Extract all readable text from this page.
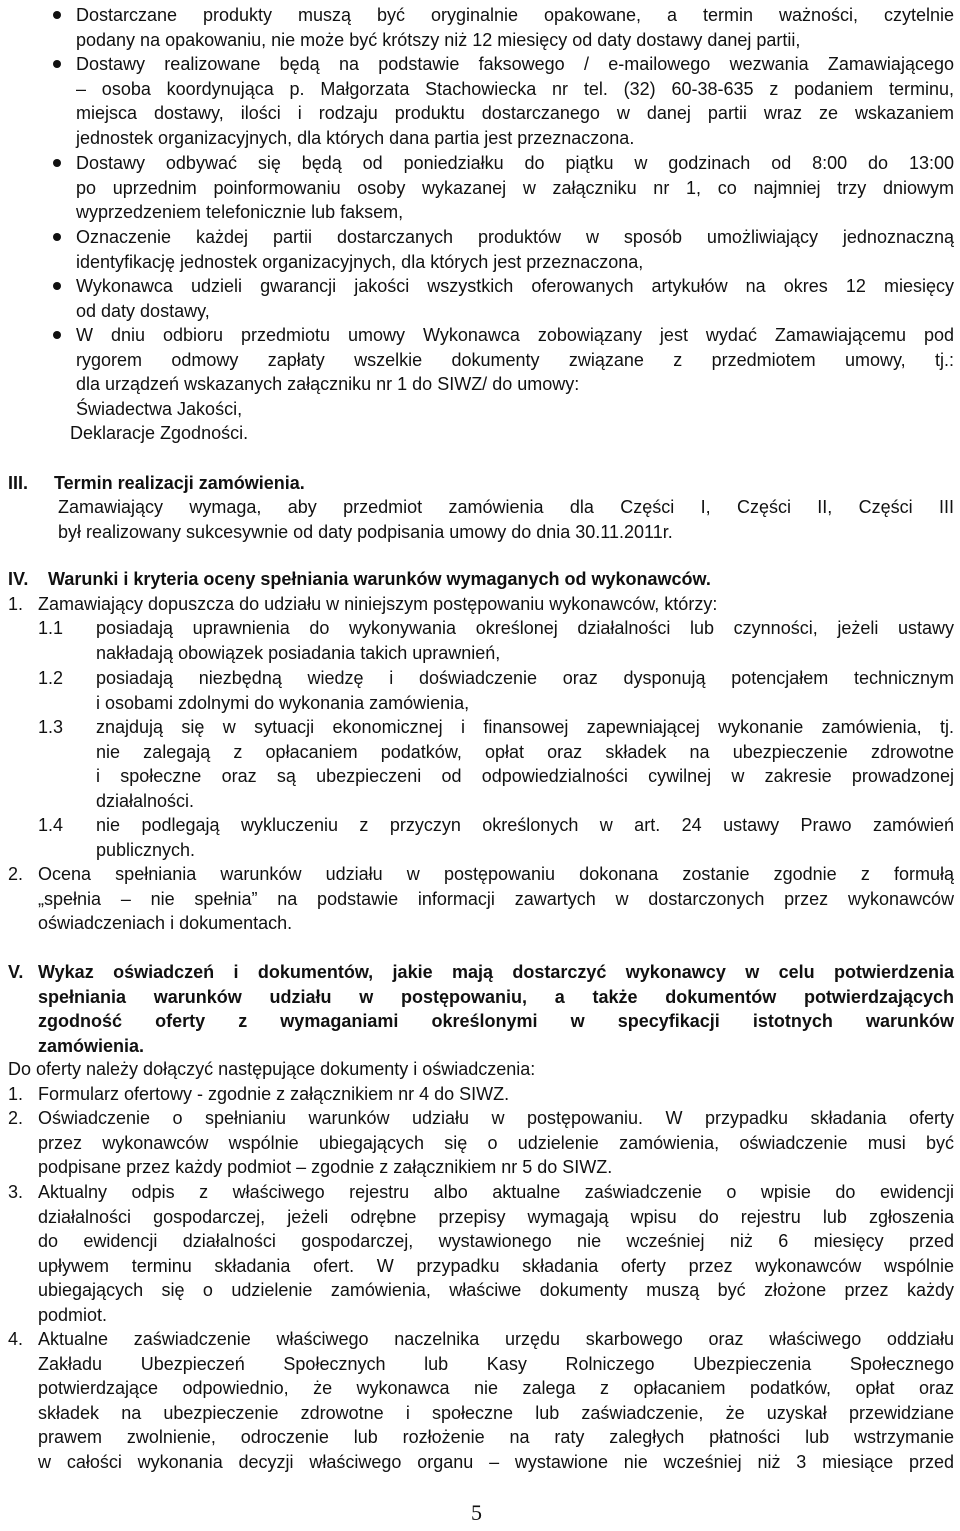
Dostarczane produkty muszą być oryginalnie opakowane, a termin ważności, czytelnie
podany na opakowaniu, nie może być krótszy niż 12 miesięcy od daty dostawy danej partii,
Dostawy realizowane będą na podstawie faksowego / e-mailowego wezwania Zamawiającego
– osoba koordynująca p. Małgorzata Stachowiecka nr tel. (32) 60-38-635 z podaniem terminu,
miejsca dostawy, ilości i rodzaju produktu dostarczanego w danej partii wraz ze wskazaniem
jednostek organizacyjnych, dla których dana partia jest przeznaczona.
Dostawy odbywać się będą od poniedziałku do piątku w godzinach od 8:00 do 13:00
po uprzednim poinformowaniu osoby wykazanej w załączniku nr 1, co najmniej trzy dniowym
wyprzedzeniem telefonicznie lub faksem,
Oznaczenie każdej partii dostarczanych produktów w sposób umożliwiający jednoznaczną
identyfikację jednostek organizacyjnych, dla których jest przeznaczona,
Wykonawca udzieli gwarancji jakości wszystkich oferowanych artykułów na okres 12 miesięcy
od daty dostawy,
W dniu odbioru przedmiotu umowy Wykonawca zobowiązany jest wydać Zamawiającemu pod
rygorem odmowy zapłaty wszelkie dokumenty związane z przedmiotem umowy, tj.:
dla urządzeń wskazanych załączniku nr 1 do SIWZ/ do umowy:
Świadectwa Jakości,
Deklaracje Zgodności.
III. Termin realizacji zamówienia.
Zamawiający wymaga, aby przedmiot zamówienia dla Części I, Części II, Części III
był realizowany sukcesywnie od daty podpisania umowy do dnia 30.11.2011r.
IV. Warunki i kryteria oceny spełniania warunków wymaganych od wykonawców.
1. Zamawiający dopuszcza do udziału w niniejszym postępowaniu wykonawców, którzy:
1.1 posiadają uprawnienia do wykonywania określonej działalności lub czynności, jeżeli ustawy
nakładają obowiązek posiadania takich uprawnień,
1.2 posiadają niezbędną wiedzę i doświadczenie oraz dysponują potencjałem technicznym
i osobami zdolnymi do wykonania zamówienia,
1.3 znajdują się w sytuacji ekonomicznej i finansowej zapewniającej wykonanie zamówienia, tj.
nie zalegają z opłacaniem podatków, opłat oraz składek na ubezpieczenie zdrowotne
i społeczne oraz są ubezpieczeni od odpowiedzialności cywilnej w zakresie prowadzonej
działalności.
1.4 nie podlegają wykluczeniu z przyczyn określonych w art. 24 ustawy Prawo zamówień
publicznych.
2. Ocena spełniania warunków udziału w postępowaniu dokonana zostanie zgodnie z formułą
„spełnia – nie spełnia” na podstawie informacji zawartych w dostarczonych przez wykonawców
oświadczeniach i dokumentach.
V. Wykaz oświadczeń i dokumentów, jakie mają dostarczyć wykonawcy w celu potwierdzenia
spełniania warunków udziału w postępowaniu, a także dokumentów potwierdzających
zgodność oferty z wymaganiami określonymi w specyfikacji istotnych warunków
zamówienia.
Do oferty należy dołączyć następujące dokumenty i oświadczenia:
1. Formularz ofertowy - zgodnie z załącznikiem nr 4 do SIWZ.
2. Oświadczenie o spełnianiu warunków udziału w postępowaniu. W przypadku składania oferty
przez wykonawców wspólnie ubiegających się o udzielenie zamówienia, oświadczenie musi być
podpisane przez każdy podmiot – zgodnie z załącznikiem nr 5 do SIWZ.
3. Aktualny odpis z właściwego rejestru albo aktualne zaświadczenie o wpisie do ewidencji
działalności gospodarczej, jeżeli odrębne przepisy wymagają wpisu do rejestru lub zgłoszenia
do ewidencji działalności gospodarczej, wystawionego nie wcześniej niż 6 miesięcy przed
upływem terminu składania ofert. W przypadku składania oferty przez wykonawców wspólnie
ubiegających się o udzielenie zamówienia, właściwe dokumenty muszą być złożone przez każdy
podmiot.
4. Aktualne zaświadczenie właściwego naczelnika urzędu skarbowego oraz właściwego oddziału
Zakładu Ubezpieczeń Społecznych lub Kasy Rolniczego Ubezpieczenia Społecznego
potwierdzające odpowiednio, że wykonawca nie zalega z opłacaniem podatków, opłat oraz
składek na ubezpieczenie zdrowotne i społeczne lub zaświadczenie, że uzyskał przewidziane
prawem zwolnienie, odroczenie lub rozłożenie na raty zaległych płatności lub wstrzymanie
w całości wykonania decyzji właściwego organu – wystawione nie wcześniej niż 3 miesiące przed
5
